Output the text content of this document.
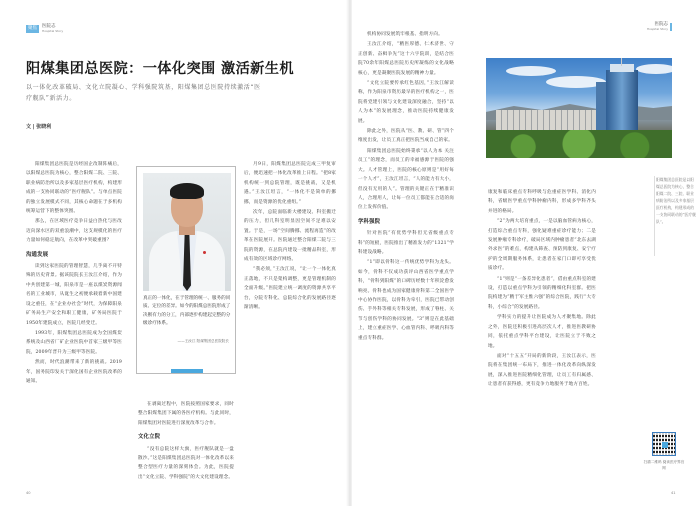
聚焦	医院志
Hospital Story
阳煤集团总医院：一体化突围 激活新生机
以一体化改革破局、文化立院凝心、学科强院筑基，阳煤集团总医院持续激活“医疗舰队”新活力。
文 | 张晓利

阳煤集团总医院是历经国企改制阵痛后，以阳煤总医院为核心，整合阳煤二院、三院、职业病防治所以及多家基层医疗机构，构建形成的一支协同联动的“医疗舰队”。与单点医院的独立发展模式不同，其核心命题在于多机构统筹运营下的整体突围。

那么，在区域医疗竞争日益白热化与医改迈向深水区的双重浪潮中，这支规模化的医疗力量如何稳定航向，在改革中突破重围？

沟通发展

读到这家医院的管理智慧，几乎离不开特殊的历史背景。据该院院长王汝江介绍，作为中共创建第一城，阳泉市是一座以煤炭资源闻名的工业城市，从诞生之初便承载着新中国建设之重任，在“企业办社会”时代，为保障阳泉矿务局生产安全和职工健康，矿务局医院于1950年建院成立，医院几经变迁。

1993年，阳煤集团总医院成为全国煤炭系统及山西省厂矿企业医院中首家三级甲等医院，2009年晋升为三级甲等医院。

然而，时代浪潮带来了新的挑战。2019年，国务院印发关于深化国有企业医院改革的通知。

真正的一体化，在于管理的统一、服务的同质、定位的差异。如今的阳煤总医院形成了决断有力的分工，内部逐步构建起完整的分级诊疗体系。
——王汝江 阳煤集团总医院院长

在剥离过程中，医院按照国家要求，同时整合阳煤集团下属的各医疗机构。与此同时，阳煤集团对医院进行深度改革与合作。

文化立院

“没有总院这样大旗，医疗舰队就是一盘散沙。”这是阳煤集团总医院对一体化改革以来整合型医疗力量的深刻体会。为此，医院提出“文化立院、学科强院”的大文化建设理念。

月9日，阳煤集团总医院完成三甲复审后，便迅速把一体化改革推上日程。“把8家机构统一到总院管理，既是挑战，又是机遇。”王汝江坦言，“一体化不是简单的挪挪，而是资源的优化重组。”

次年，总院面临新大楼建设、科室搬迁的压力，但几科室明显因空间不足难以安置。于是，一场“空间腾挪、流程再造”的改革在医院展开。医院通过整合阳煤二院与三院的资源，在总院内建设一批精品科室，形成有效的区域诊疗网络。

“我必须，”王汝江说，“让一个一体化真正落地，不只是架构调整，更是管理机制的全面升级。”医院建立统一调度的资源共享平台，分院专科化、总院综合化的发展路径逐渐清晰。

40
医院志
Hospital Story

机构协同发展筑牢根基、指明方向。

王汝江介绍，“精医厚德、仁术济世、守正创新、奋楫争先”这十六字院训，是结合医院70余年阳煤总医院历史所凝练的文化战略核心，更是凝聚医院发展的精神力量。

“文化立院要传承红色基因，”王汝江解读称，作为阳泉市资历最早的医疗机构之一，医院将党建引领与文化建设深度融合，坚持“以人为本”的发展理念，推动医院持续健康发展。

除此之外，医院从“医、教、研、管”四个维度出发，让员工真正把医院当成自己的家。

阳煤集团总医院始终秉承“以人为本 关注员工”的理念，而员工的幸福感源于医院的强大。人才管理上，医院的核心原则是“用好每一个人才”，王汝江坦言，“人的能力有大小，但没有无用的人”。管理的关键正在于精准识人，合理用人，让每一位员工都能在合适的岗位上发挥价值。

学科强院

针对医院“有优势学科但无省级重点专科”的短板，医院推出了精准发力的“1321”学科建设战略。

“1”即以骨科这一传统优势学科为龙头。如今，骨科不仅成功获评山西省医学重点学科，“骨科到阳煤”的口碑历经数十年积淀愈发响亮。骨科也成为国家健康骨科第二全国医学中心协作医院，以骨科为牵引，医院已带动创伤、手外科等相关专科发展，形成了脊柱、关节与创伤学科的协同发展。“3”则是在此基础上，建立重症医学、心血管内科、呼吸内科等重点专科群。

康复和临床重点专科呼吸与危重症医学科、消化内科，省级医学重点学科肿瘤内科，形成多学科齐头并进的格局。

“2”为两大培育重点，一是以脑血管病为核心，打造综合重点专科，强化疑难重症诊疗能力；二是发展肿瘤专科诊疗，破局区域内肿瘤患者“北东去湖外求医”的难点，构建从筛查、预防到康复、安宁疗护的全周期服务体系，让患者在家门口即可享受优质诊疗。

“1”则是“一条差异化患者”，借由重点科室的建设，打造以重点学科为引领的精细化科室群。把医院构建为“精于军主惟六强”的综合医院，践行“大专科，小综合”的发展路径。

学科实力的提升让医院成为人才聚集地。除此之外，医院还积极引进高层次人才，推进医教研协同，依托重点学科平台建设，让医院立于不败之地。

面对“十五五”开局的新阶段，王汝江表示，医院将在集团统一布局下，推进一体化改革向纵深发展，深入推进医院精细化管理，让员工有归属感、让患者有获得感，更有竞争力地服务于地方百姓。

阳煤集团总医院是以阳煤总医院为核心，整合阳煤二院、三院、职业病防治所以及多家基层医疗机构，构建形成的一支协同联动的“医疗舰队”。
扫描二维码 阅读医疗界官网
41
